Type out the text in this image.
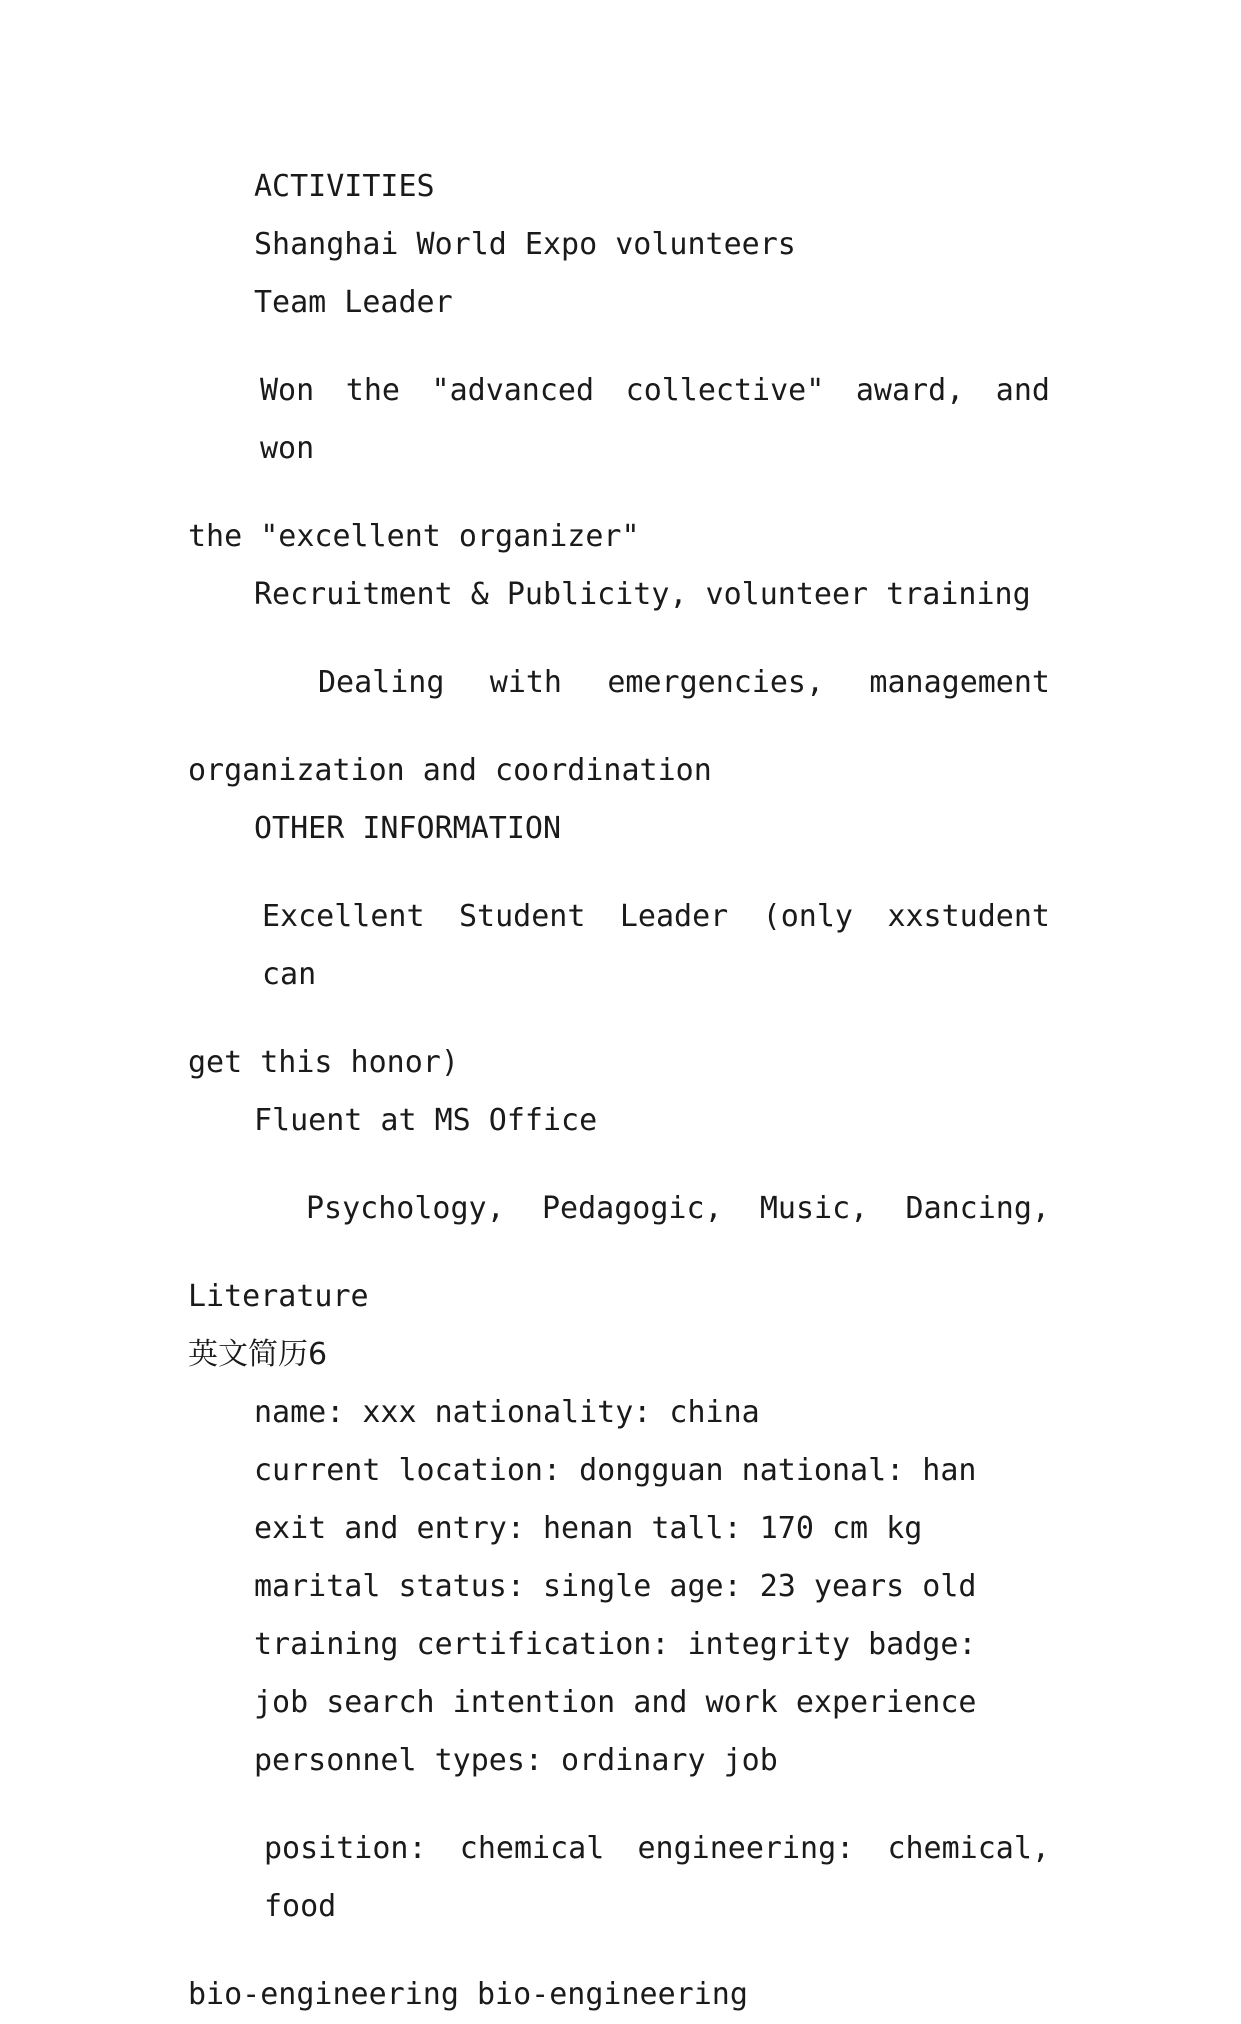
ACTIVITIES

Shanghai World Expo volunteers

Team Leader

Won the "advanced collective" award, and won

the "excellent organizer"

Recruitment & Publicity, volunteer training

Dealing with emergencies, management

organization and coordination

OTHER INFORMATION

Excellent Student Leader (only xxstudent can

get this honor)

Fluent at MS Office

Psychology, Pedagogic, Music, Dancing,

Literature

英文简历6

name: xxx nationality: china

current location: dongguan national: han

exit and entry: henan tall: 170 cm kg

marital status: single age: 23 years old

training certification: integrity badge:

job search intention and work experience

personnel types: ordinary job

position: chemical engineering: chemical, food

bio-engineering bio-engineering
